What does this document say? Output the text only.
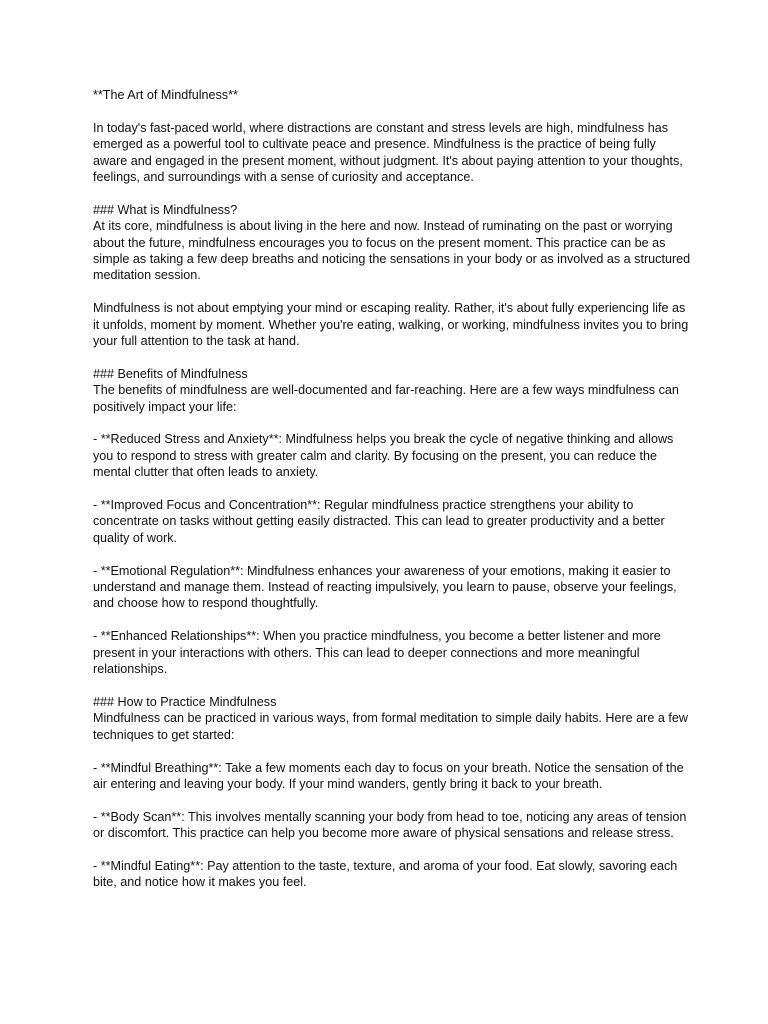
**The Art of Mindfulness**

In today's fast-paced world, where distractions are constant and stress levels are high, mindfulness has emerged as a powerful tool to cultivate peace and presence. Mindfulness is the practice of being fully aware and engaged in the present moment, without judgment. It's about paying attention to your thoughts, feelings, and surroundings with a sense of curiosity and acceptance.

### What is Mindfulness?

At its core, mindfulness is about living in the here and now. Instead of ruminating on the past or worrying about the future, mindfulness encourages you to focus on the present moment. This practice can be as simple as taking a few deep breaths and noticing the sensations in your body or as involved as a structured meditation session.

Mindfulness is not about emptying your mind or escaping reality. Rather, it's about fully experiencing life as it unfolds, moment by moment. Whether you're eating, walking, or working, mindfulness invites you to bring your full attention to the task at hand.

### Benefits of Mindfulness

The benefits of mindfulness are well-documented and far-reaching. Here are a few ways mindfulness can positively impact your life:

- **Reduced Stress and Anxiety**: Mindfulness helps you break the cycle of negative thinking and allows you to respond to stress with greater calm and clarity. By focusing on the present, you can reduce the mental clutter that often leads to anxiety.

- **Improved Focus and Concentration**: Regular mindfulness practice strengthens your ability to concentrate on tasks without getting easily distracted. This can lead to greater productivity and a better quality of work.

- **Emotional Regulation**: Mindfulness enhances your awareness of your emotions, making it easier to understand and manage them. Instead of reacting impulsively, you learn to pause, observe your feelings, and choose how to respond thoughtfully.

- **Enhanced Relationships**: When you practice mindfulness, you become a better listener and more present in your interactions with others. This can lead to deeper connections and more meaningful relationships.

### How to Practice Mindfulness

Mindfulness can be practiced in various ways, from formal meditation to simple daily habits. Here are a few techniques to get started:

- **Mindful Breathing**: Take a few moments each day to focus on your breath. Notice the sensation of the air entering and leaving your body. If your mind wanders, gently bring it back to your breath.

- **Body Scan**: This involves mentally scanning your body from head to toe, noticing any areas of tension or discomfort. This practice can help you become more aware of physical sensations and release stress.

- **Mindful Eating**: Pay attention to the taste, texture, and aroma of your food. Eat slowly, savoring each bite, and notice how it makes you feel.
